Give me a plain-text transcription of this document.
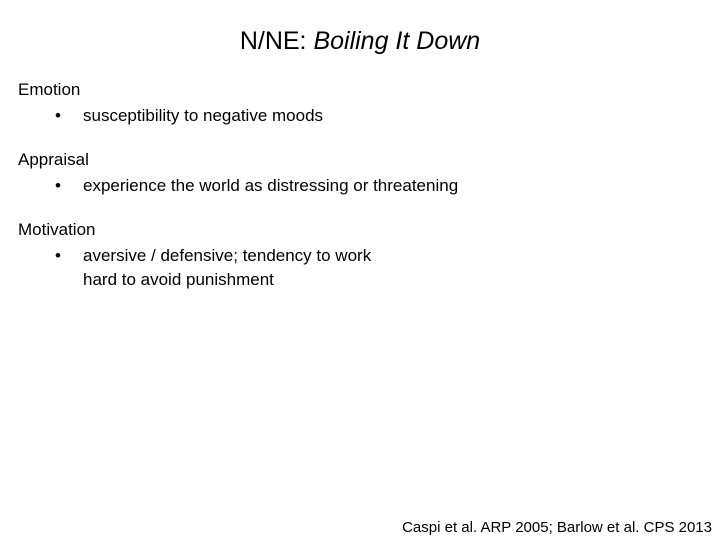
N/NE: Boiling It Down
Emotion
•	susceptibility to negative moods
Appraisal
•	experience the world as distressing or threatening
Motivation
•	aversive / defensive; tendency to work hard to avoid punishment
Caspi et al. ARP 2005; Barlow et al. CPS 2013
